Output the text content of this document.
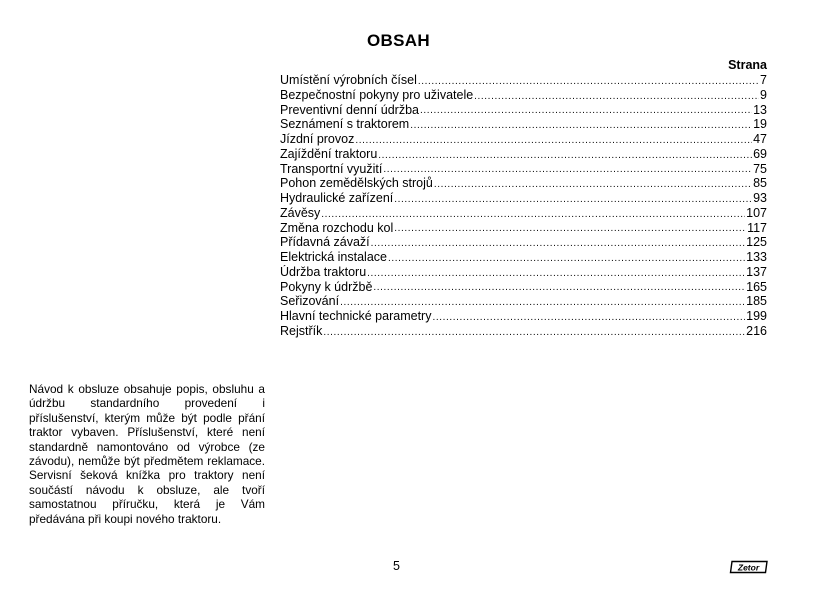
OBSAH
Strana
Umístění výrobních čísel .....	7
Bezpečnostní pokyny pro uživatele .....	9
Preventivní denní údržba .....	13
Seznámení s traktorem .....	19
Jízdní provoz .....	47
Zajíždění traktoru .....	69
Transportní využití .....	75
Pohon zemědělských strojů .....	85
Hydraulické zařízení .....	93
Závěsy .....	107
Změna rozchodu kol .....	117
Přídavná závaží .....	125
Elektrická instalace .....	133
Údržba traktoru .....	137
Pokyny k údržbě .....	165
Seřizování .....	185
Hlavní technické parametry .....	199
Rejstřík .....	216
Návod k obsluze obsahuje popis, obsluhu a údržbu standardního provedení i příslušenství, kterým může být podle přání traktor vybaven. Příslušenství, které není standardně namontováno od výrobce (ze závodu), nemůže být předmětem reklamace. Servisní šeková knížka pro traktory není součástí návodu k obsluze, ale tvoří samostatnou příručku, která je Vám předávána při koupi nového traktoru.
5	Zetor
